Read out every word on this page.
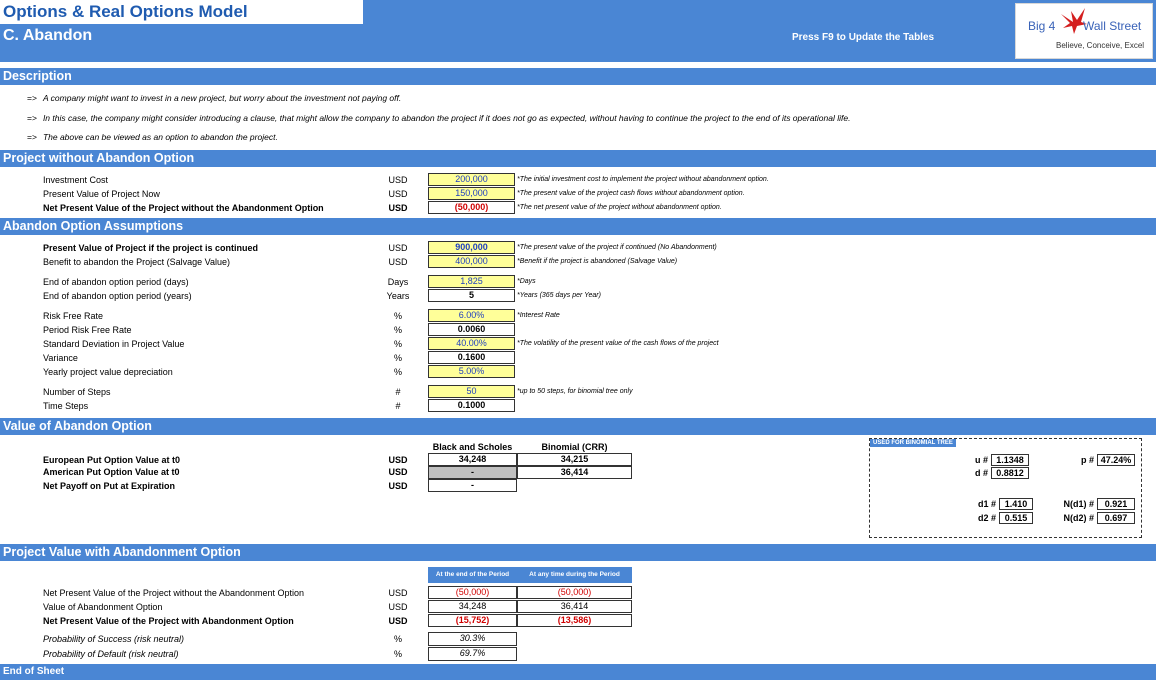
Options & Real Options Model
C. Abandon	Press F9 to Update the Tables
Big 4 Wall Street
Believe, Conceive, Excel
Description
=> A company might want to invest in a new project, but worry about the investment not paying off.
=> In this case, the company might consider introducing a clause, that might allow the company to abandon the project if it does not go as expected, without having to continue the project to the end of its operational life.
=> The above can be viewed as an option to abandon the project.
Project without Abandon Option
Investment Cost	USD	200,000	*The initial investment cost to implement the project without abandonment option.
Present Value of Project Now	USD	150,000	*The present value of the project cash flows without abandonment option.
Net Present Value of the Project without the Abandonment Option	USD	(50,000)	*The net present value of the project without abandonment option.
Abandon Option Assumptions
Present Value of Project if the project is continued	USD	900,000	*The present value of the project if continued (No Abandonment)
Benefit to abandon the Project (Salvage Value)	USD	400,000	*Benefit if the project is abandoned (Salvage Value)
End of abandon option period (days)	Days	1,825	*Days
End of abandon option period (years)	Years	5	*Years (365 days per Year)
Risk Free Rate	%	6.00%	*Interest Rate
Period Risk Free Rate	%	0.0060
Standard Deviation in Project Value	%	40.00%	*The volatility of the present value of the cash flows of the project
Variance	%	0.1600
Yearly project value depreciation	%	5.00%
Number of Steps	#	50	*up to 50 steps, for binomial tree only
Time Steps	#	0.1000
Value of Abandon Option
Black and Scholes	Binomial (CRR)
European Put Option Value at t0	USD	34,248	34,215
American Put Option Value at t0	USD	-	36,414
Net Payoff on Put at Expiration	USD	-
USED FOR BINOMIAL TREE
u # 1.1348
d # 0.8812
p # 47.24%
d1 # 1.410
d2 # 0.515
N(d1) #	0.921
N(d2) #	0.697
Project Value with Abandonment Option
At the end of the Period	At any time during the Period
Net Present Value of the Project without the Abandonment Option	USD	(50,000)	(50,000)
Value of Abandonment Option	USD	34,248	36,414
Net Present Value of the Project with Abandonment Option	USD	(15,752)	(13,586)
Probability of Success (risk neutral)	%	30.3%
Probability of Default (risk neutral)	%	69.7%
End of Sheet
